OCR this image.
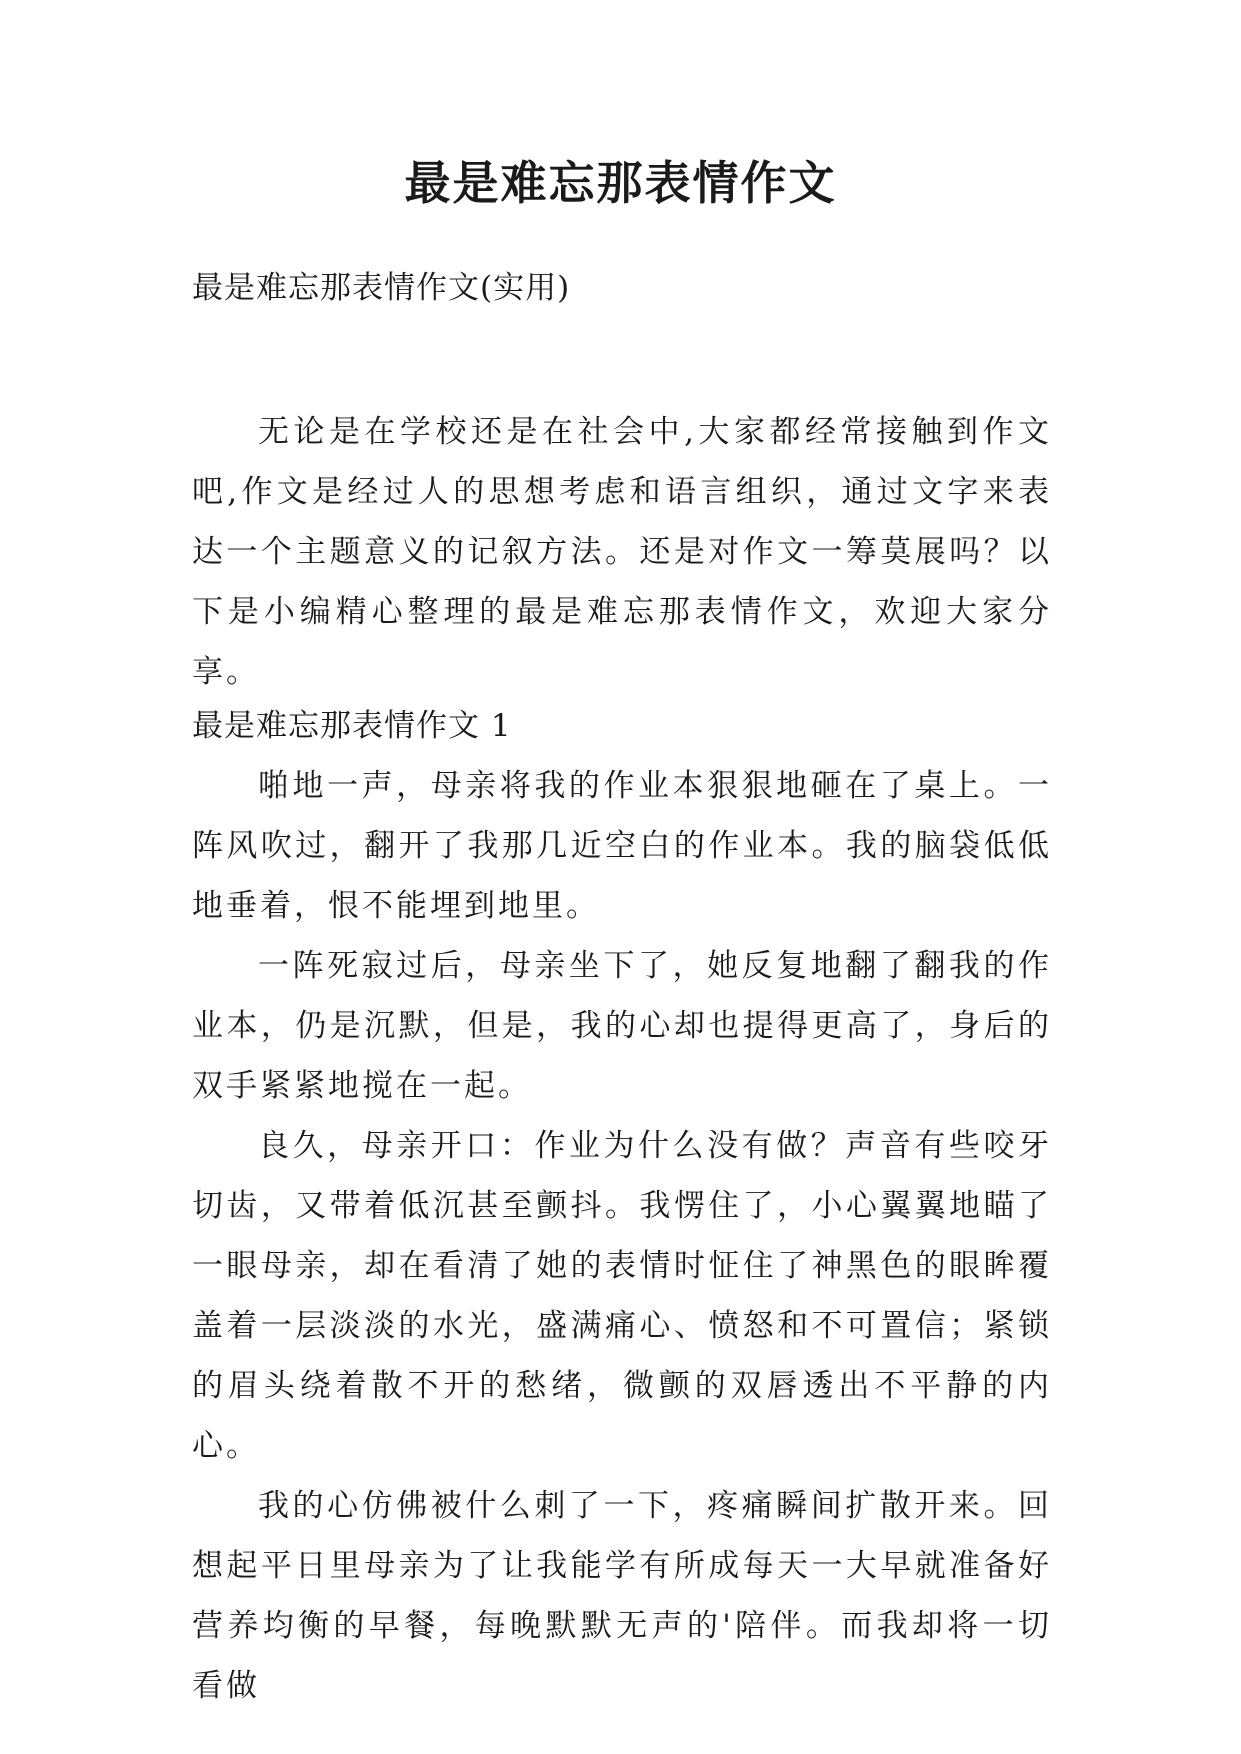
最是难忘那表情作文

最是难忘那表情作文(实用)

无论是在学校还是在社会中,大家都经常接触到作文吧,作文是经过人的思想考虑和语言组织，通过文字来表达一个主题意义的记叙方法。还是对作文一筹莫展吗？以下是小编精心整理的最是难忘那表情作文，欢迎大家分享。

最是难忘那表情作文 1

啪地一声，母亲将我的作业本狠狠地砸在了桌上。一阵风吹过，翻开了我那几近空白的作业本。我的脑袋低低地垂着，恨不能埋到地里。

一阵死寂过后，母亲坐下了，她反复地翻了翻我的作业本，仍是沉默，但是，我的心却也提得更高了，身后的双手紧紧地搅在一起。

良久，母亲开口：作业为什么没有做？声音有些咬牙切齿，又带着低沉甚至颤抖。我愣住了，小心翼翼地瞄了一眼母亲，却在看清了她的表情时怔住了神黑色的眼眸覆盖着一层淡淡的水光，盛满痛心、愤怒和不可置信；紧锁的眉头绕着散不开的愁绪，微颤的双唇透出不平静的内心。

我的心仿佛被什么刺了一下，疼痛瞬间扩散开来。回想起平日里母亲为了让我能学有所成每天一大早就准备好营养均衡的早餐，每晚默默无声的'陪伴。而我却将一切看做
